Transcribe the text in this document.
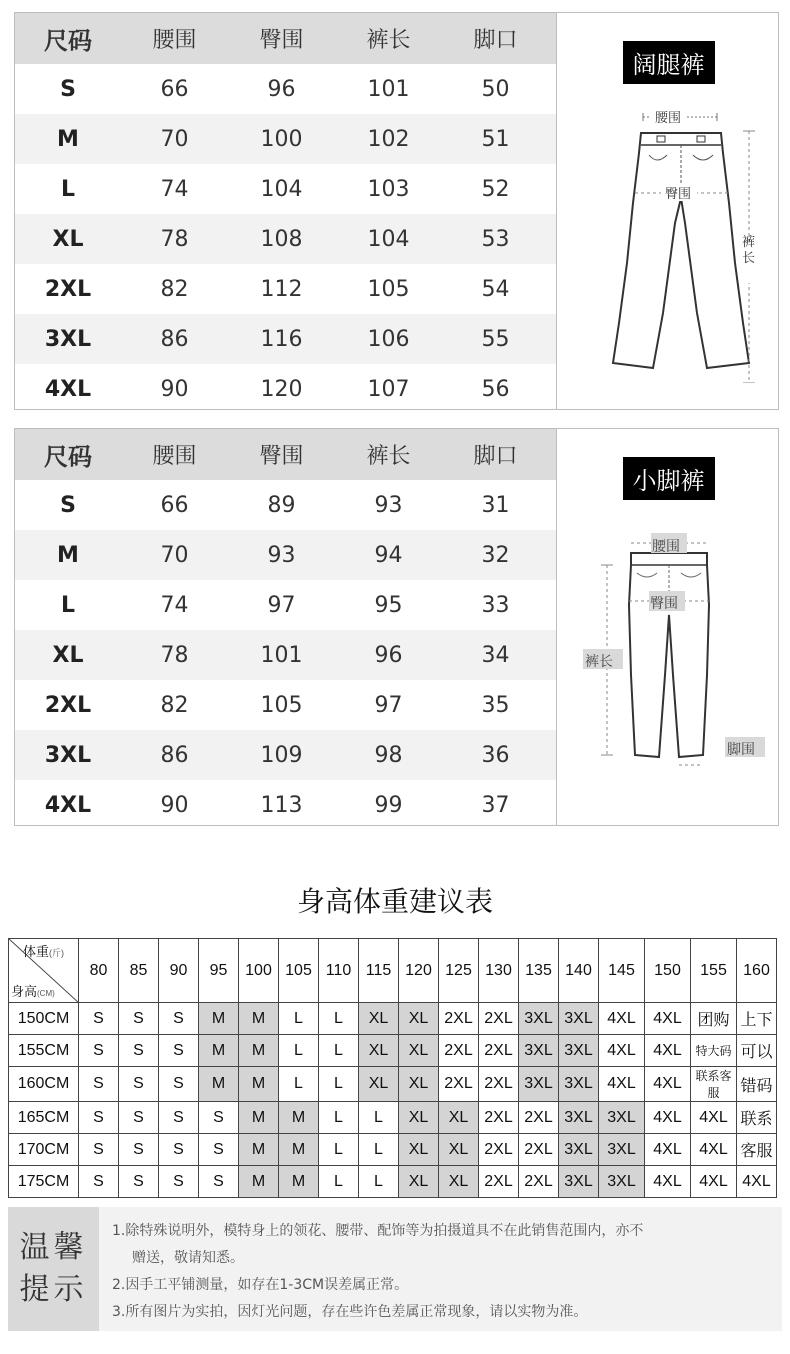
尺码	腰围	臀围	裤长	脚口
S	66	96	101	50
M	70	100	102	51
L	74	104	103	52
XL	78	108	104	53
2XL	82	112	105	54
3XL	86	116	106	55
4XL	90	120	107	56
阔腿裤
腰围
臀围
裤长
尺码	腰围	臀围	裤长	脚口
S	66	89	93	31
M	70	93	94	32
L	74	97	95	33
XL	78	101	96	34
2XL	82	105	97	35
3XL	86	109	98	36
4XL	90	113	99	37
小脚裤
腰围
臀围
裤长
脚围
身高体重建议表
体重(斤)
身高(CM)	80	85	90	95	100	105	110	115	120	125	130	135	140	145	150	155	160
150CM	S	S	S	M	M	L	L	XL	XL	2XL	2XL	3XL	3XL	4XL	4XL	团购	上下
155CM	S	S	S	M	M	L	L	XL	XL	2XL	2XL	3XL	3XL	4XL	4XL	特大码	可以
160CM	S	S	S	M	M	L	L	XL	XL	2XL	2XL	3XL	3XL	4XL	4XL	联系客服	错码
165CM	S	S	S	S	M	M	L	L	XL	XL	2XL	2XL	3XL	3XL	4XL	4XL	联系
170CM	S	S	S	S	M	M	L	L	XL	XL	2XL	2XL	3XL	3XL	4XL	4XL	客服
175CM	S	S	S	S	M	M	L	L	XL	XL	2XL	2XL	3XL	3XL	4XL	4XL	4XL
温馨
提示

1.除特殊说明外，模特身上的领花、腰带、配饰等为拍摄道具不在此销售范围内，亦不

赠送，敬请知悉。

2.因手工平铺测量，如存在1-3CM误差属正常。

3.所有图片为实拍，因灯光问题，存在些许色差属正常现象，请以实物为准。
